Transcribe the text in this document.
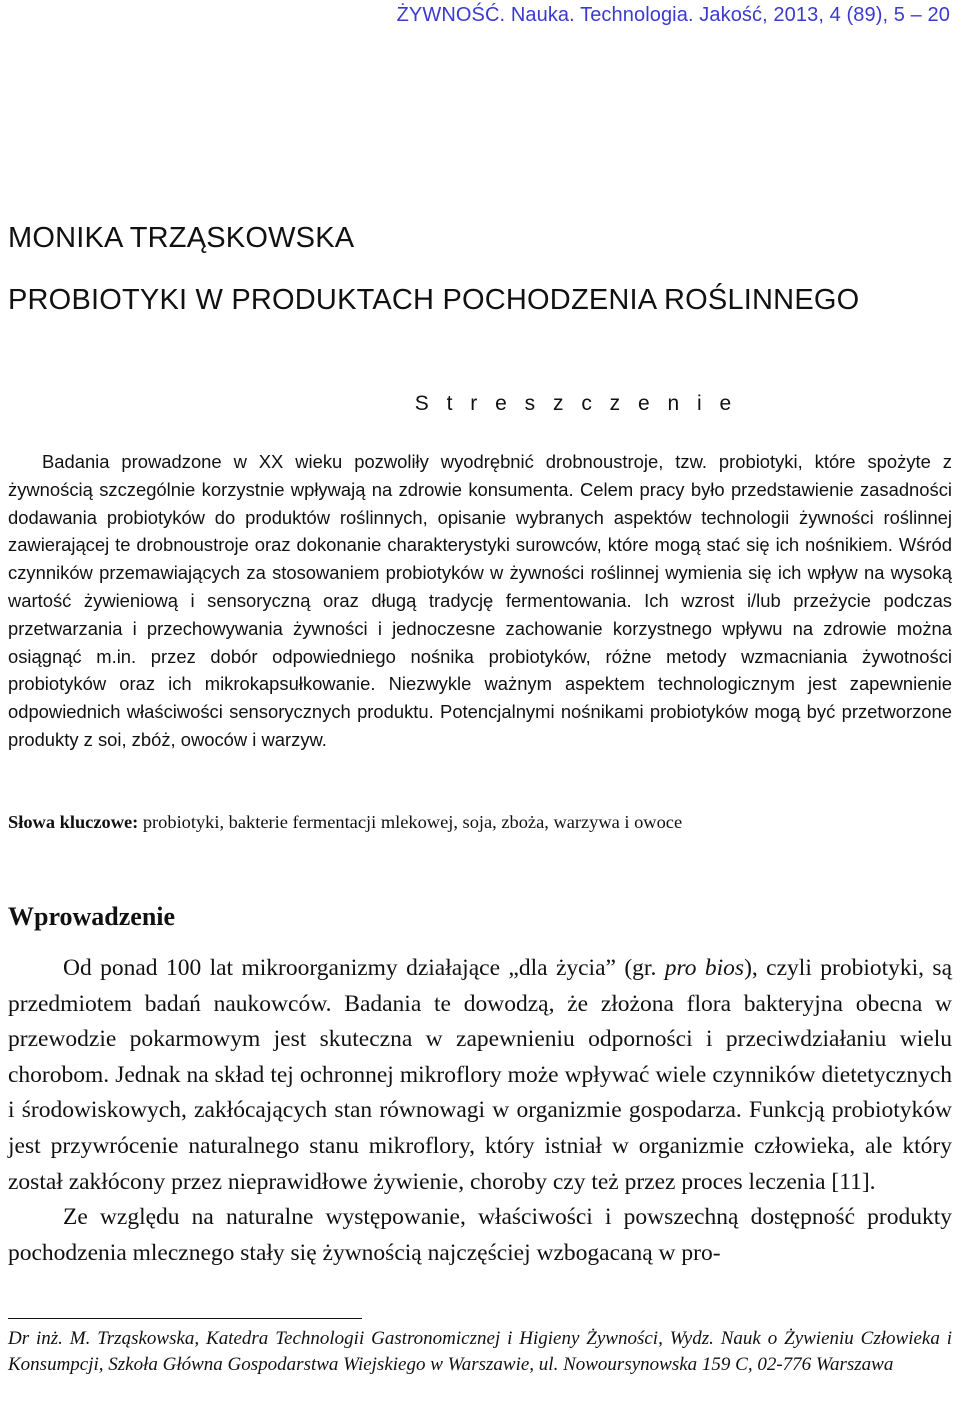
ŻYWNOŚĆ. Nauka. Technologia. Jakość, 2013, 4 (89), 5 – 20
MONIKA TRZĄSKOWSKA
PROBIOTYKI W PRODUKTACH POCHODZENIA ROŚLINNEGO
S t r e s z c z e n i e

Badania prowadzone w XX wieku pozwoliły wyodrębnić drobnoustroje, tzw. probiotyki, które spożyte z żywnością szczególnie korzystnie wpływają na zdrowie konsumenta. Celem pracy było przedstawienie zasadności dodawania probiotyków do produktów roślinnych, opisanie wybranych aspektów technologii żywności roślinnej zawierającej te drobnoustroje oraz dokonanie charakterystyki surowców, które mogą stać się ich nośnikiem. Wśród czynników przemawiających za stosowaniem probiotyków w żywności roślinnej wymienia się ich wpływ na wysoką wartość żywieniową i sensoryczną oraz długą tradycję fermentowania. Ich wzrost i/lub przeżycie podczas przetwarzania i przechowywania żywności i jednoczesne zachowanie korzystnego wpływu na zdrowie można osiągnąć m.in. przez dobór odpowiedniego nośnika probiotyków, różne metody wzmacniania żywotności probiotyków oraz ich mikrokapsułkowanie. Niezwykle ważnym aspektem technologicznym jest zapewnienie odpowiednich właściwości sensorycznych produktu. Potencjalnymi nośnikami probiotyków mogą być przetworzone produkty z soi, zbóż, owoców i warzyw.

Słowa kluczowe: probiotyki, bakterie fermentacji mlekowej, soja, zboża, warzywa i owoce

Wprowadzenie

Od ponad 100 lat mikroorganizmy działające „dla życia” (gr. pro bios), czyli probiotyki, są przedmiotem badań naukowców. Badania te dowodzą, że złożona flora bakteryjna obecna w przewodzie pokarmowym jest skuteczna w zapewnieniu odporności i przeciwdziałaniu wielu chorobom. Jednak na skład tej ochronnej mikroflory może wpływać wiele czynników dietetycznych i środowiskowych, zakłócających stan równowagi w organizmie gospodarza. Funkcją probiotyków jest przywrócenie naturalnego stanu mikroflory, który istniał w organizmie człowieka, ale który został zakłócony przez nieprawidłowe żywienie, choroby czy też przez proces leczenia [11].

Ze względu na naturalne występowanie, właściwości i powszechną dostępność produkty pochodzenia mlecznego stały się żywnością najczęściej wzbogacaną w pro-

Dr inż. M. Trząskowska, Katedra Technologii Gastronomicznej i Higieny Żywności, Wydz. Nauk o Żywieniu Człowieka i Konsumpcji, Szkoła Główna Gospodarstwa Wiejskiego w Warszawie, ul. Nowoursynowska 159 C, 02-776 Warszawa
